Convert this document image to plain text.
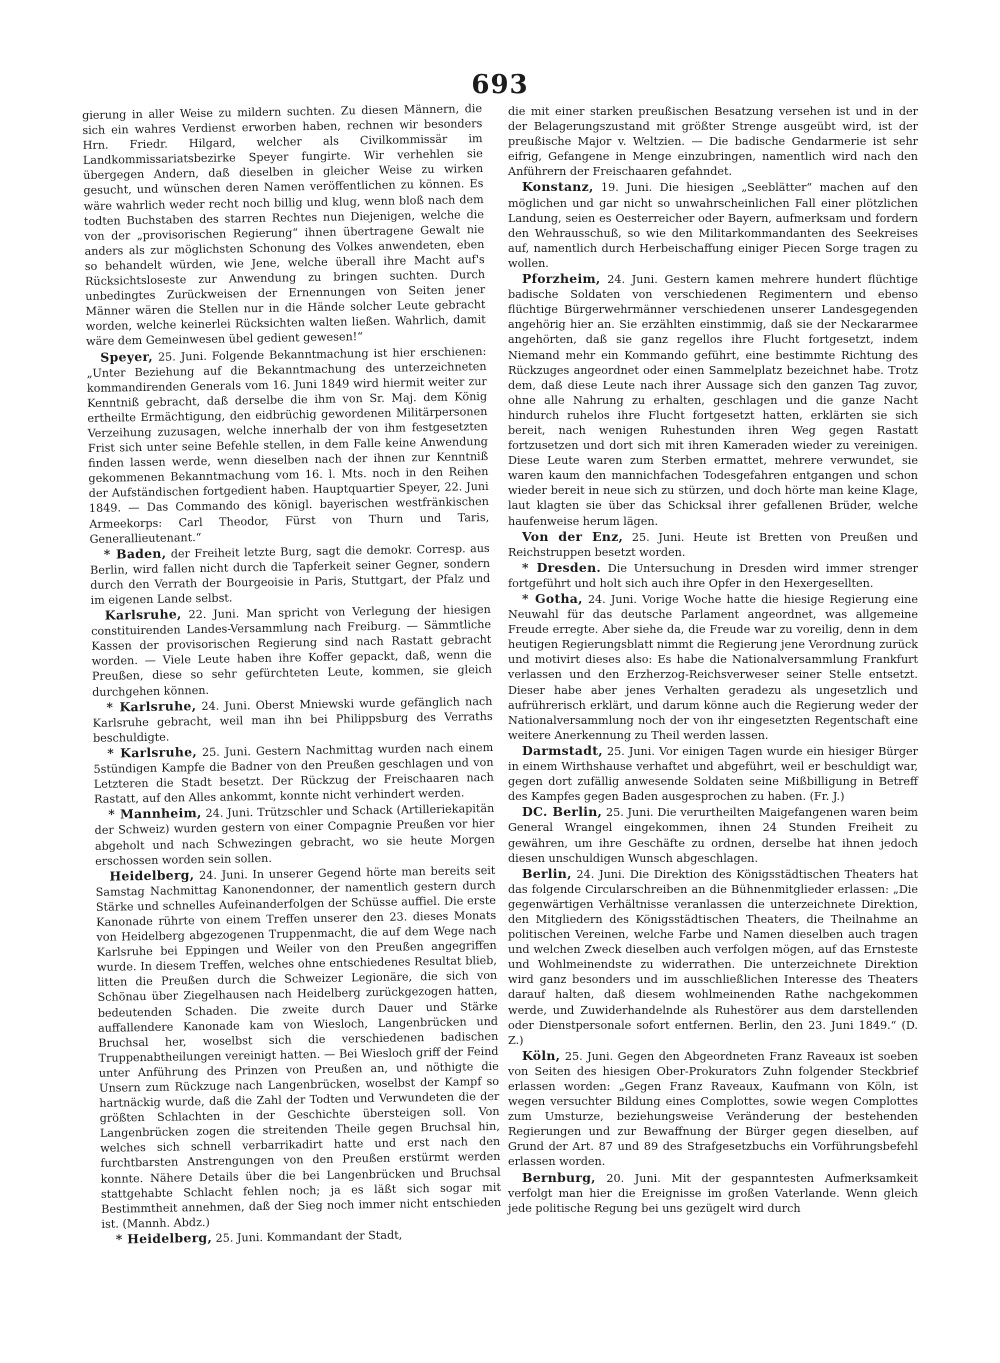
693

gierung in aller Weise zu mildern suchten. Zu diesen Männern, die sich ein wahres Verdienst erworben haben, rechnen wir besonders Hrn. Friedr. Hilgard, welcher als Civilkommissär im Landkommissariatsbezirke Speyer fungirte. Wir verhehlen sie übergegen Andern, daß dieselben in gleicher Weise zu wirken gesucht, und wünschen deren Namen veröffentlichen zu können. Es wäre wahrlich weder recht noch billig und klug, wenn bloß nach dem todten Buchstaben des starren Rechtes nun Diejenigen, welche die von der „provisorischen Regierung“ ihnen übertragene Gewalt nie anders als zur möglichsten Schonung des Volkes anwendeten, eben so behandelt würden, wie Jene, welche überall ihre Macht auf's Rücksichtsloseste zur Anwendung zu bringen suchten. Durch unbedingtes Zurückweisen der Ernennungen von Seiten jener Männer wären die Stellen nur in die Hände solcher Leute gebracht worden, welche keinerlei Rücksichten walten ließen. Wahrlich, damit wäre dem Gemeinwesen übel gedient gewesen!“

Speyer, 25. Juni. Folgende Bekanntmachung ist hier erschienen: „Unter Beziehung auf die Bekanntmachung des unterzeichneten kommandirenden Generals vom 16. Juni 1849 wird hiermit weiter zur Kenntniß gebracht, daß derselbe die ihm von Sr. Maj. dem König ertheilte Ermächtigung, den eidbrüchig gewordenen Militärpersonen Verzeihung zuzusagen, welche innerhalb der von ihm festgesetzten Frist sich unter seine Befehle stellen, in dem Falle keine Anwendung finden lassen werde, wenn dieselben nach der ihnen zur Kenntniß gekommenen Bekanntmachung vom 16. l. Mts. noch in den Reihen der Aufständischen fortgedient haben. Hauptquartier Speyer, 22. Juni 1849. — Das Commando des königl. bayerischen westfränkischen Armeekorps: Carl Theodor, Fürst von Thurn und Taris, Generallieutenant.“

* Baden, der Freiheit letzte Burg, sagt die demokr. Corresp. aus Berlin, wird fallen nicht durch die Tapferkeit seiner Gegner, sondern durch den Verrath der Bourgeoisie in Paris, Stuttgart, der Pfalz und im eigenen Lande selbst.

Karlsruhe, 22. Juni. Man spricht von Verlegung der hiesigen constituirenden Landes-Versammlung nach Freiburg. — Sämmtliche Kassen der provisorischen Regierung sind nach Rastatt gebracht worden. — Viele Leute haben ihre Koffer gepackt, daß, wenn die Preußen, diese so sehr gefürchteten Leute, kommen, sie gleich durchgehen können.

* Karlsruhe, 24. Juni. Oberst Mniewski wurde gefänglich nach Karlsruhe gebracht, weil man ihn bei Philippsburg des Verraths beschuldigte.

* Karlsruhe, 25. Juni. Gestern Nachmittag wurden nach einem 5stündigen Kampfe die Badner von den Preußen geschlagen und von Letzteren die Stadt besetzt. Der Rückzug der Freischaaren nach Rastatt, auf den Alles ankommt, konnte nicht verhindert werden.

* Mannheim, 24. Juni. Trützschler und Schack (Artilleriekapitän der Schweiz) wurden gestern von einer Compagnie Preußen vor hier abgeholt und nach Schwezingen gebracht, wo sie heute Morgen erschossen worden sein sollen.

Heidelberg, 24. Juni. In unserer Gegend hörte man bereits seit Samstag Nachmittag Kanonendonner, der namentlich gestern durch Stärke und schnelles Aufeinanderfolgen der Schüsse auffiel. Die erste Kanonade rührte von einem Treffen unserer den 23. dieses Monats von Heidelberg abgezogenen Truppenmacht, die auf dem Wege nach Karlsruhe bei Eppingen und Weiler von den Preußen angegriffen wurde. In diesem Treffen, welches ohne entschiedenes Resultat blieb, litten die Preußen durch die Schweizer Legionäre, die sich von Schönau über Ziegelhausen nach Heidelberg zurückgezogen hatten, bedeutenden Schaden. Die zweite durch Dauer und Stärke auffallendere Kanonade kam von Wiesloch, Langenbrücken und Bruchsal her, woselbst sich die verschiedenen badischen Truppenabtheilungen vereinigt hatten. — Bei Wiesloch griff der Feind unter Anführung des Prinzen von Preußen an, und nöthigte die Unsern zum Rückzuge nach Langenbrücken, woselbst der Kampf so hartnäckig wurde, daß die Zahl der Todten und Verwundeten die der größten Schlachten in der Geschichte übersteigen soll. Von Langenbrücken zogen die streitenden Theile gegen Bruchsal hin, welches sich schnell verbarrikadirt hatte und erst nach den furchtbarsten Anstrengungen von den Preußen erstürmt werden konnte. Nähere Details über die bei Langenbrücken und Bruchsal stattgehabte Schlacht fehlen noch; ja es läßt sich sogar mit Bestimmtheit annehmen, daß der Sieg noch immer nicht entschieden ist. (Mannh. Abdz.)

* Heidelberg, 25. Juni. Kommandant der Stadt,

die mit einer starken preußischen Besatzung versehen ist und in der der Belagerungszustand mit größter Strenge ausgeübt wird, ist der preußische Major v. Weltzien. — Die badische Gendarmerie ist sehr eifrig, Gefangene in Menge einzubringen, namentlich wird nach den Anführern der Freischaaren gefahndet.

Konstanz, 19. Juni. Die hiesigen „Seeblätter“ machen auf den möglichen und gar nicht so unwahrscheinlichen Fall einer plötzlichen Landung, seien es Oesterreicher oder Bayern, aufmerksam und fordern den Wehrausschuß, so wie den Militarkommandanten des Seekreises auf, namentlich durch Herbeischaffung einiger Piecen Sorge tragen zu wollen.

Pforzheim, 24. Juni. Gestern kamen mehrere hundert flüchtige badische Soldaten von verschiedenen Regimentern und ebenso flüchtige Bürgerwehrmänner verschiedenen unserer Landesgegenden angehörig hier an. Sie erzählten einstimmig, daß sie der Neckararmee angehörten, daß sie ganz regellos ihre Flucht fortgesetzt, indem Niemand mehr ein Kommando geführt, eine bestimmte Richtung des Rückzuges angeordnet oder einen Sammelplatz bezeichnet habe. Trotz dem, daß diese Leute nach ihrer Aussage sich den ganzen Tag zuvor, ohne alle Nahrung zu erhalten, geschlagen und die ganze Nacht hindurch ruhelos ihre Flucht fortgesetzt hatten, erklärten sie sich bereit, nach wenigen Ruhestunden ihren Weg gegen Rastatt fortzusetzen und dort sich mit ihren Kameraden wieder zu vereinigen. Diese Leute waren zum Sterben ermattet, mehrere verwundet, sie waren kaum den mannichfachen Todesgefahren entgangen und schon wieder bereit in neue sich zu stürzen, und doch hörte man keine Klage, laut klagten sie über das Schicksal ihrer gefallenen Brüder, welche haufenweise herum lägen.

Von der Enz, 25. Juni. Heute ist Bretten von Preußen und Reichstruppen besetzt worden.

* Dresden. Die Untersuchung in Dresden wird immer strenger fortgeführt und holt sich auch ihre Opfer in den Hexergesellten.

* Gotha, 24. Juni. Vorige Woche hatte die hiesige Regierung eine Neuwahl für das deutsche Parlament angeordnet, was allgemeine Freude erregte. Aber siehe da, die Freude war zu voreilig, denn in dem heutigen Regierungsblatt nimmt die Regierung jene Verordnung zurück und motivirt dieses also: Es habe die Nationalversammlung Frankfurt verlassen und den Erzherzog-Reichsverweser seiner Stelle entsetzt. Dieser habe aber jenes Verhalten geradezu als ungesetzlich und aufrührerisch erklärt, und darum könne auch die Regierung weder der Nationalversammlung noch der von ihr eingesetzten Regentschaft eine weitere Anerkennung zu Theil werden lassen.

Darmstadt, 25. Juni. Vor einigen Tagen wurde ein hiesiger Bürger in einem Wirthshause verhaftet und abgeführt, weil er beschuldigt war, gegen dort zufällig anwesende Soldaten seine Mißbilligung in Betreff des Kampfes gegen Baden ausgesprochen zu haben. (Fr. J.)

DC. Berlin, 25. Juni. Die verurtheilten Maigefangenen waren beim General Wrangel eingekommen, ihnen 24 Stunden Freiheit zu gewähren, um ihre Geschäfte zu ordnen, derselbe hat ihnen jedoch diesen unschuldigen Wunsch abgeschlagen.

Berlin, 24. Juni. Die Direktion des Königsstädtischen Theaters hat das folgende Circularschreiben an die Bühnenmitglieder erlassen: „Die gegenwärtigen Verhältnisse veranlassen die unterzeichnete Direktion, den Mitgliedern des Königsstädtischen Theaters, die Theilnahme an politischen Vereinen, welche Farbe und Namen dieselben auch tragen und welchen Zweck dieselben auch verfolgen mögen, auf das Ernsteste und Wohlmeinendste zu widerrathen. Die unterzeichnete Direktion wird ganz besonders und im ausschließlichen Interesse des Theaters darauf halten, daß diesem wohlmeinenden Rathe nachgekommen werde, und Zuwiderhandelnde als Ruhestörer aus dem darstellenden oder Dienstpersonale sofort entfernen. Berlin, den 23. Juni 1849.“ (D. Z.)

Köln, 25. Juni. Gegen den Abgeordneten Franz Raveaux ist soeben von Seiten des hiesigen Ober-Prokurators Zuhn folgender Steckbrief erlassen worden: „Gegen Franz Raveaux, Kaufmann von Köln, ist wegen versuchter Bildung eines Complottes, sowie wegen Complottes zum Umsturze, beziehungsweise Veränderung der bestehenden Regierungen und zur Bewaffnung der Bürger gegen dieselben, auf Grund der Art. 87 und 89 des Strafgesetzbuchs ein Vorführungsbefehl erlassen worden.

Bernburg, 20. Juni. Mit der gespanntesten Aufmerksamkeit verfolgt man hier die Ereignisse im großen Vaterlande. Wenn gleich jede politische Regung bei uns gezügelt wird durch
